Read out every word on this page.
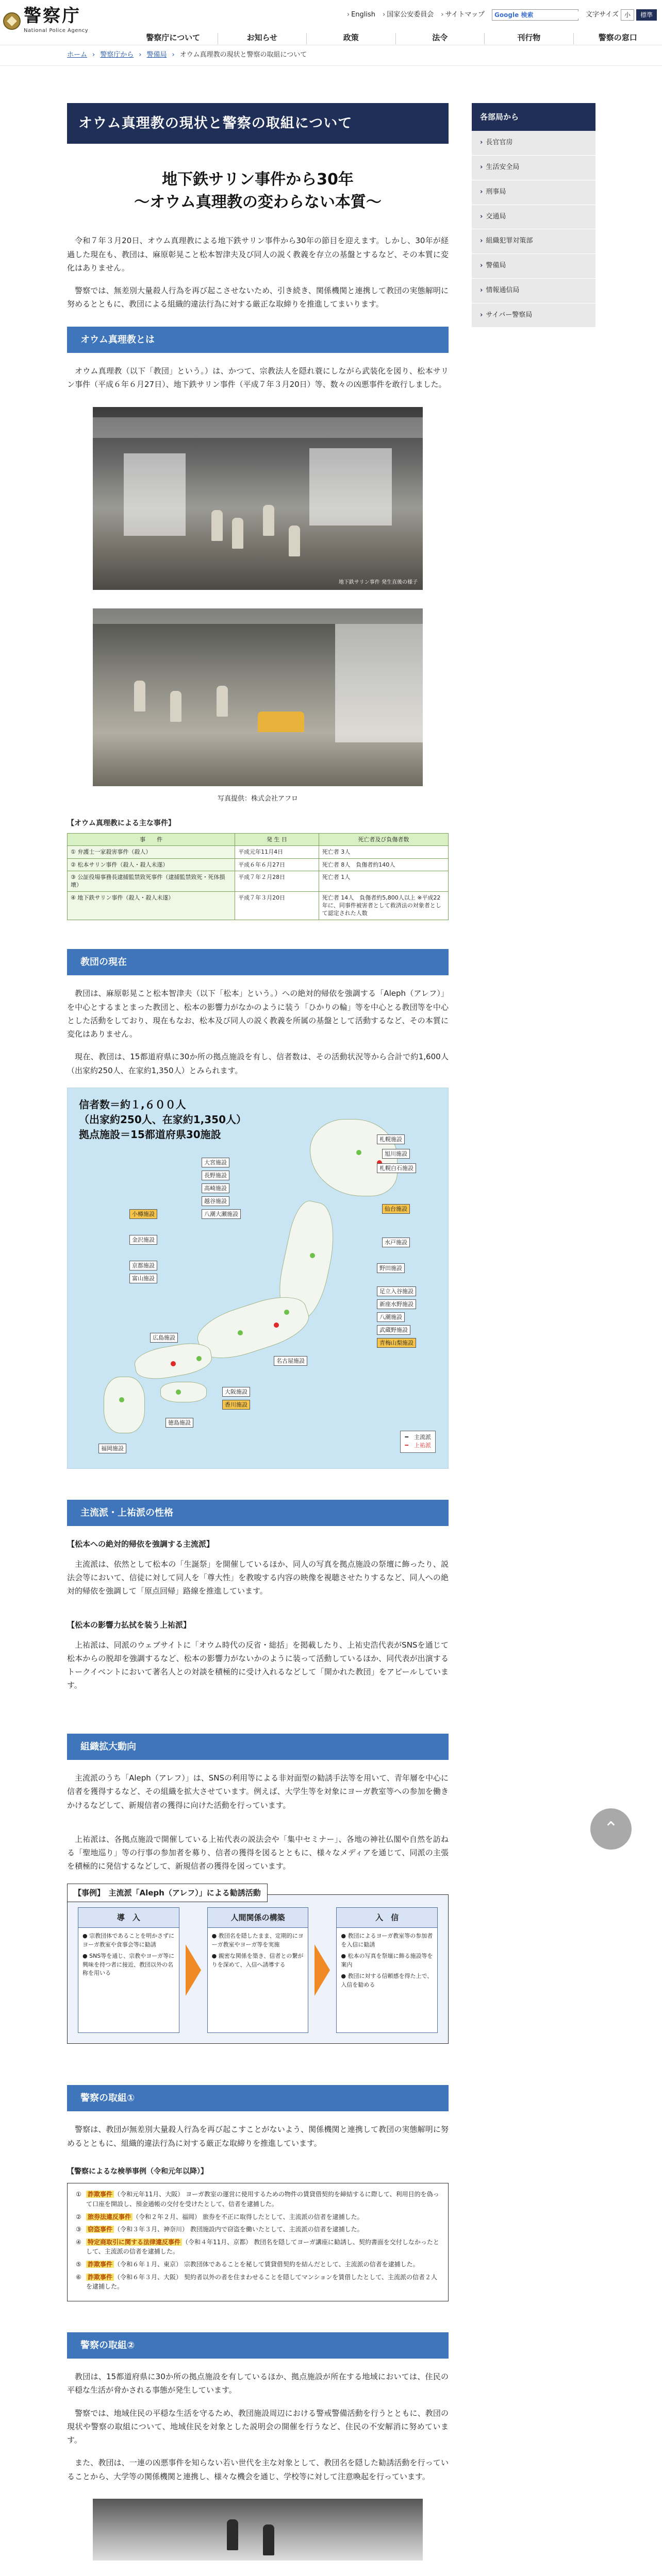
警察庁
National Police Agency
› English › 国家公安委員会 › サイトマップ Google 検索	文字サイズ 小	標準
警察庁について	お知らせ	政策	法令	刊行物	警察の窓口
ホーム › 警察庁から › 警備局 › オウム真理教の現状と警察の取組について
オウム真理教の現状と警察の取組について
地下鉄サリン事件から30年
〜オウム真理教の変わらない本質〜

令和７年３月20日、オウム真理教による地下鉄サリン事件から30年の節目を迎えます。しかし、30年が経過した現在も、教団は、麻原彰晃こと松本智津夫及び同人の説く教義を存立の基盤とするなど、その本質に変化はありません。

警察では、無差別大量殺人行為を再び起こさせないため、引き続き、関係機関と連携して教団の実態解明に努めるとともに、教団による組織的違法行為に対する厳正な取締りを推進してまいります。

オウム真理教とは

オウム真理教（以下「教団」という。）は、かつて、宗教法人を隠れ蓑にしながら武装化を図り、松本サリン事件（平成６年６月27日）、地下鉄サリン事件（平成７年３月20日）等、数々の凶悪事件を敢行しました。

地下鉄サリン事件 発生直後の様子

写真提供：株式会社アフロ

【オウム真理教による主な事件】
事　　件	発 生 日	死亡者及び負傷者数
① 弁護士一家殺害事件（殺人）	平成元年11月4日	死亡者 3人
② 松本サリン事件（殺人・殺人未遂）	平成６年６月27日	死亡者 8人　負傷者約140人
③ 公証役場事務長逮捕監禁致死事件（逮捕監禁致死・死体損壊）	平成７年２月28日	死亡者 1人
④ 地下鉄サリン事件（殺人・殺人未遂）	平成７年３月20日	死亡者 14人　負傷者約5,800人以上 ※平成22年に、同事件被害者として救済法の対象者として認定された人数
教団の現在

教団は、麻原彰晃こと松本智津夫（以下「松本」という。）への絶対的帰依を強調する「Aleph（アレフ）」を中心とするまとまった教団と、松本の影響力がなかのように装う「ひかりの輪」等を中心とる教団等を中心とした活動をしており、現在もなお、松本及び同人の説く教義を所属の基盤として活動するなど、その本質に変化はありません。

現在、教団は、15都道府県に30か所の拠点施設を有し、信者数は、その活動状況等から合計で約1,600人（出家約250人、在家約1,350人）とみられます。

信者数＝約１,６００人
（出家約250人、在家約1,350人）
拠点施設＝15都道府県30施設	札幌施設
旭川施設
札幌白石施設
仙台施設
水戸施設
野田施設
足立入谷施設
新座水野施設
八潮施設
武蔵野施設
青梅山梨施設
大宮施設
長野施設
高崎施設
越谷施設
八潮大瀬施設
小樽施設
金沢施設
京都施設
富山施設
名古屋施設
大阪施設
香川施設
徳島施設
広島施設
福岡施設
━　主流派
━　上祐派
主流派・上祐派の性格
【松本への絶対的帰依を強調する主流派】

主流派は、依然として松本の「生誕祭」を開催しているほか、同人の写真を拠点施設の祭壇に飾ったり、説法会等において、信徒に対して同人を「尊大性」を教唆する内容の映像を視聴させたりするなど、同人への絶対的帰依を強調して「原点回帰」路線を推進しています。

【松本の影響力払拭を装う上祐派】

上祐派は、同派のウェブサイトに「オウム時代の反省・総括」を掲載したり、上祐史浩代表がSNSを通じて松本からの脱却を強調するなど、松本の影響力がないかのように装って活動しているほか、同代表が出演するトークイベントにおいて著名人との対談を積極的に受け入れるなどして「開かれた教団」をアピールしています。

組織拡大動向

主流派のうち「Aleph（アレフ）」は、SNSの利用等による非対面型の勧誘手法等を用いて、青年層を中心に信者を獲得するなど、その組織を拡大させています。例えば、大学生等を対象にヨーガ教室等への参加を働きかけるなどして、新規信者の獲得に向けた活動を行っています。

上祐派は、各拠点施設で開催している上祐代表の説法会や「集中セミナー」、各地の神社仏閣や自然を訪ねる「聖地巡り」等の行事の参加者を募り、信者の獲得を図るとともに、様々なメディアを通じて、同派の主張を積極的に発信するなどして、新規信者の獲得を図っています。

【事例】　主流派「Aleph（アレフ）」による勧誘活動
導　入
● 宗教団体であることを明かさずにヨーガ教室や食事会等に勧誘
● SNS等を通じ、宗教やヨーガ等に興味を持つ者に接近、教団以外の名称を用いる
人間関係の構築
● 教団名を隠したまま、定期的にヨーガ教室やヨーガ等を実施
● 親密な関係を築き、信者との繋がりを深めて、入信へ誘導する
入　信
● 教団によるヨーガ教室等の参加者を入信に勧誘
● 松本の写真を祭壇に飾る施設等を案内
● 教団に対する信頼感を得た上で、入信を勧める
警察の取組①

警察は、教団が無差別大量殺人行為を再び起こすことがないよう、関係機関と連携して教団の実態解明に努めるとともに、組織的違法行為に対する厳正な取締りを推進しています。

【警察によるな検挙事例（令和元年以降）】
①	詐欺事件 （令和元年11月、大阪） ヨーガ教室の運営に使用するための物件の賃貸借契約を締結するに際して、利用目的を偽って口座を開設し、預金通帳の交付を受けたとして、信者を逮捕した。
②	旅券法違反事件 （令和２年２月、福岡） 旅券を不正に取得したとして、主流派の信者を逮捕した。
③	窃盗事件 （令和３年３月、神奈川） 教団施設内で窃盗を働いたとして、主流派の信者を逮捕した。
④	特定商取引に関する法律違反事件 （令和４年11月、京都） 教団名を隠してヨーガ講座に勧誘し、契約書面を交付しなかったとして、主流派の信者を逮捕した。
⑤	詐欺事件 （令和６年１月、東京） 宗教団体であることを秘して賃貸借契約を結んだとして、主流派の信者を逮捕した。
⑥	詐欺事件 （令和６年３月、大阪） 契約者以外の者を住まわせることを隠してマンションを賃借したとして、主流派の信者２人を逮捕した。
警察の取組②

教団は、15都道府県に30か所の拠点施設を有しているほか、拠点施設が所在する地域においては、住民の平穏な生活が脅かされる事態が発生しています。

警察では、地域住民の平穏な生活を守るため、教団施設周辺における警戒警備活動を行うとともに、教団の現状や警察の取組について、地域住民を対象とした説明会の開催を行うなど、住民の不安解消に努めています。

また、教団は、一連の凶悪事件を知らない若い世代を主な対象として、教団名を隠した勧誘活動を行っていることから、大学等の関係機関と連携し、様々な機会を通じ、学校等に対して注意喚起を行っています。

各部局から
› 長官官房
› 生活安全局
› 刑事局
› 交通局
› 組織犯罪対策部
› 警備局
› 情報通信局
› サイバー警察局
⌃
